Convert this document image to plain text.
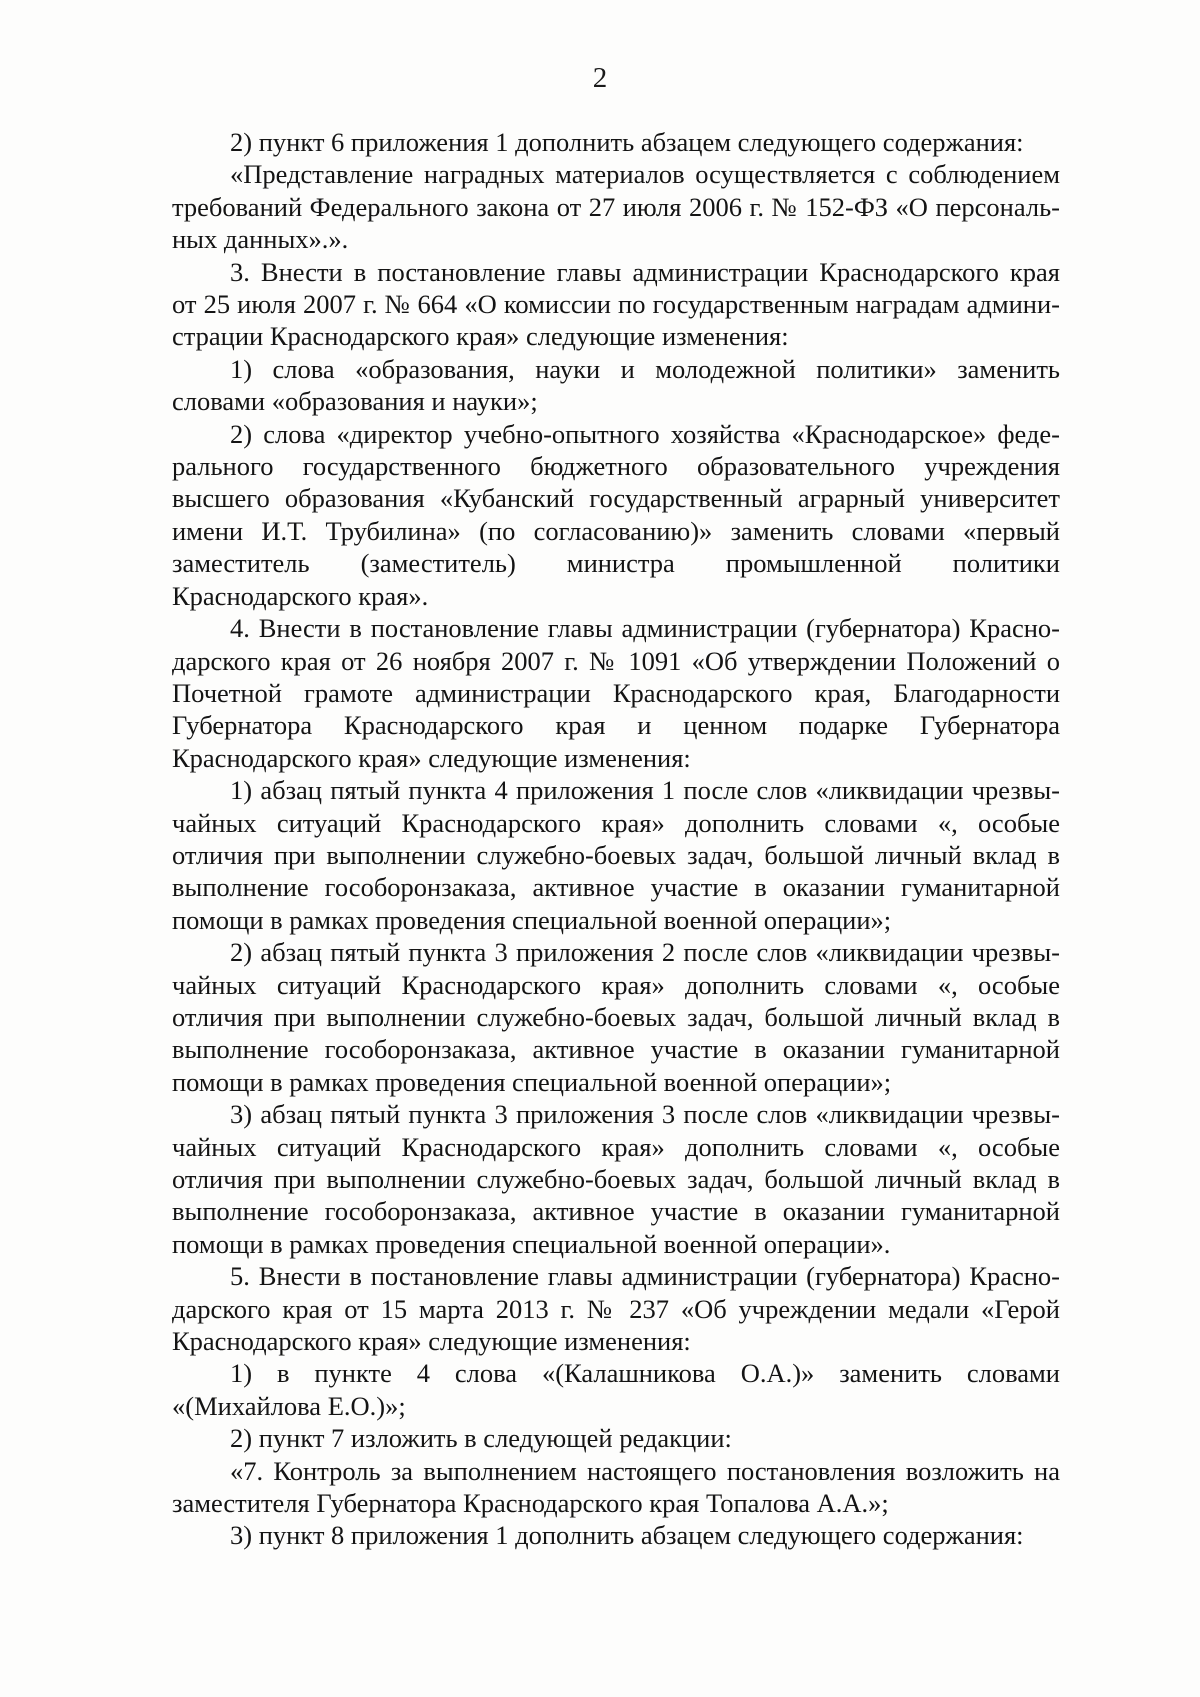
2

2) пункт 6 приложения 1 дополнить абзацем следующего содержания:

«Представление наградных материалов осуществляется с соблюдением требований Федерального закона от 27 июля 2006 г. № 152-ФЗ «О персональных данных».».

3. Внести в постановление главы администрации Краснодарского края от 25 июля 2007 г. № 664 «О комиссии по государственным наградам администрации Краснодарского края» следующие изменения:

1) слова «образования, науки и молодежной политики» заменить словами «образования и науки»;

2) слова «директор учебно-опытного хозяйства «Краснодарское» федерального государственного бюджетного образовательного учреждения высшего образования «Кубанский государственный аграрный университет имени И.Т. Трубилина» (по согласованию)» заменить словами «первый заместитель (заместитель) министра промышленной политики Краснодарского края».

4. Внести в постановление главы администрации (губернатора) Краснодарского края от 26 ноября 2007 г. № 1091 «Об утверждении Положений о Почетной грамоте администрации Краснодарского края, Благодарности Губернатора Краснодарского края и ценном подарке Губернатора Краснодарского края» следующие изменения:

1) абзац пятый пункта 4 приложения 1 после слов «ликвидации чрезвычайных ситуаций Краснодарского края» дополнить словами «, особые отличия при выполнении служебно-боевых задач, большой личный вклад в выполнение гособоронзаказа, активное участие в оказании гуманитарной помощи в рамках проведения специальной военной операции»;

2) абзац пятый пункта 3 приложения 2 после слов «ликвидации чрезвычайных ситуаций Краснодарского края» дополнить словами «, особые отличия при выполнении служебно-боевых задач, большой личный вклад в выполнение гособоронзаказа, активное участие в оказании гуманитарной помощи в рамках проведения специальной военной операции»;

3) абзац пятый пункта 3 приложения 3 после слов «ликвидации чрезвычайных ситуаций Краснодарского края» дополнить словами «, особые отличия при выполнении служебно-боевых задач, большой личный вклад в выполнение гособоронзаказа, активное участие в оказании гуманитарной помощи в рамках проведения специальной военной операции».

5. Внести в постановление главы администрации (губернатора) Краснодарского края от 15 марта 2013 г. № 237 «Об учреждении медали «Герой Краснодарского края» следующие изменения:

1) в пункте 4 слова «(Калашникова О.А.)» заменить словами «(Михайлова Е.О.)»;

2) пункт 7 изложить в следующей редакции:

«7. Контроль за выполнением настоящего постановления возложить на заместителя Губернатора Краснодарского края Топалова А.А.»;

3) пункт 8 приложения 1 дополнить абзацем следующего содержания:
